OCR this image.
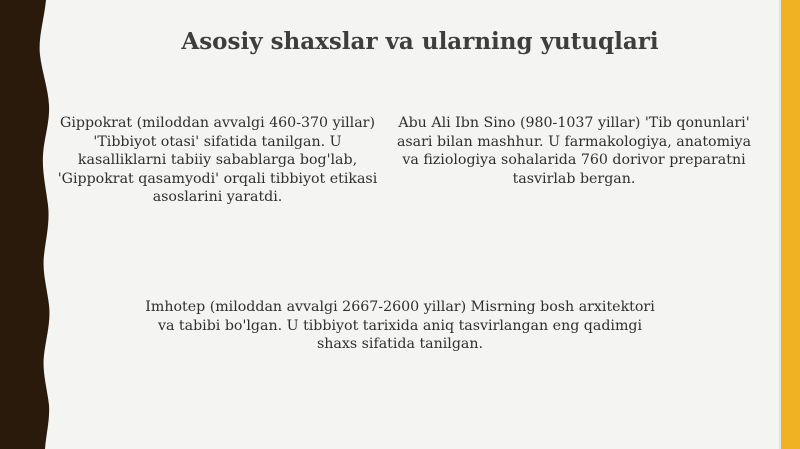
Asosiy shaxslar va ularning yutuqlari

Gippokrat (miloddan avvalgi 460-370 yillar) 'Tibbiyot otasi' sifatida tanilgan. U kasalliklarni tabiiy sabablarga bog'lab, 'Gippokrat qasamyodi' orqali tibbiyot etikasi asoslarini yaratdi.

Abu Ali Ibn Sino (980-1037 yillar) 'Tib qonunlari' asari bilan mashhur. U farmakologiya, anatomiya va fiziologiya sohalarida 760 dorivor preparatni tasvirlab bergan.

Imhotep (miloddan avvalgi 2667-2600 yillar) Misrning bosh arxitektori va tabibi bo'lgan. U tibbiyot tarixida aniq tasvirlangan eng qadimgi shaxs sifatida tanilgan.
